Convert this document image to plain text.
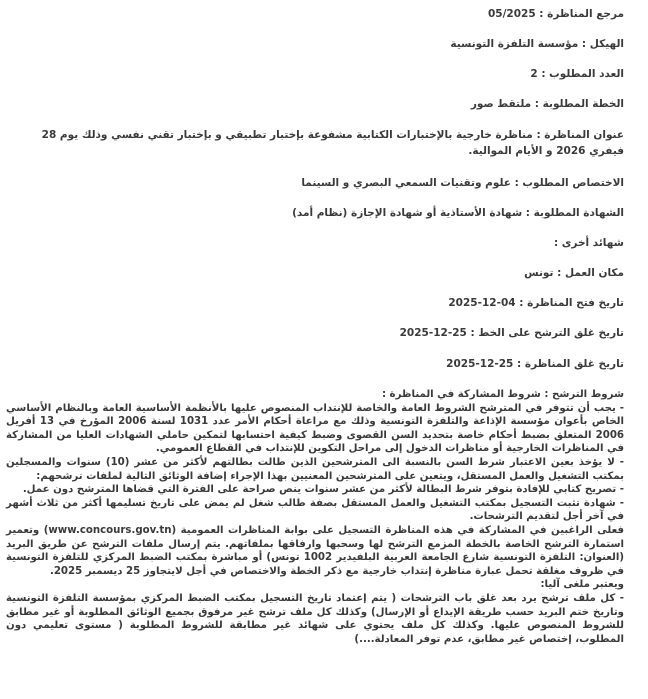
مرجع المناظرة : 05/2025

الهيكل : مؤسسة التلفزة التونسية

العدد المطلوب : 2

الخطة المطلوبة : ملتقط صور

عنوان المناظرة : مناظرة خارجية بالإختبارات الكتابية مشفوعة بإختبار تطبيقي و بإختبار تقني نفسي وذلك يوم 28 فيفري 2026 و الأيام الموالية.

الاختصاص المطلوب : علوم وتقنيات السمعي البصري و السينما

الشهادة المطلوبة : شهادة الأستاذية أو شهادة الإجازة (نظام أمد)

شهائد أخرى :

مكان العمل : تونس

تاريخ فتح المناظرة : 04-12-2025

تاريخ غلق الترشح على الخط : 25-12-2025

تاريخ غلق المناظرة : 25-12-2025

شروط الترشح : شروط المشاركة في المناظرة :

- يجب أن تتوفر في المترشح الشروط العامة والخاصة للإنتداب المنصوص عليها بالأنظمة الأساسية العامة وبالنظام الأساسي الخاص بأعوان مؤسسة الإذاعة والتلفزة التونسية وذلك مع مراعاة أحكام الأمر عدد 1031 لسنة 2006 المؤرخ في 13 أفريل 2006 المتعلق بضبط أحكام خاصة بتحديد السن القصوى وضبط كيفية احتسابها لتمكين حاملي الشهادات العليا من المشاركة في المناظرات الخارجية أو مناظرات الدخول إلى مراحل التكوين للإنتداب في القطاع العمومي.

- لا يؤخذ بعين الاعتبار شرط السن بالنسبة الى المترشحين الذين طالت بطالتهم لأكثر من عشر (10) سنوات والمسجلين بمكتب التشغيل والعمل المستقل، ويتعين على المترشحين المعنيين بهذا الإجراء إضافة الوثائق التالية لملفات ترشحهم:

- تصريح كتابي للإفادة بتوفر شرط البطالة لأكثر من عشر سنوات ينص صراحة على الفترة التي قضاها المترشح دون عمل.

- شهادة تثبت التسجيل بمكتب التشغيل والعمل المستقل بصفة طالب شغل لم يمض على تاريخ تسليمها أكثر من ثلاث أشهر في آخر أجل لتقديم الترشحات.

فعلى الراغبين في المشاركة في هذه المناظرة التسجيل على بوابة المناظرات العمومية (www.concours.gov.tn) وتعمير استمارة الترشح الخاصة بالخطة المزمع الترشح لها وسحبها وارفاقها بملفاتهم. يتم إرسال ملفات الترشح عن طريق البريد (العنوان: التلفزة التونسية شارع الجامعة العربية البلفيدير 1002 تونس) أو مباشرة بمكتب الضبط المركزي للتلفزة التونسية في ظروف مغلقة تحمل عبارة مناظرة إنتداب خارجية مع ذكر الخطة والاختصاص في أجل لايتجاوز 25 ديسمبر 2025.

ويعتبر ملغى آليا:

- كل ملف ترشح يرد بعد غلق باب الترشحات ( يتم إعتماد تاريخ التسجيل بمكتب الضبط المركزي بمؤسسة التلفزة التونسية وتاريخ ختم البريد حسب طريقة الإيداع أو الإرسال) وكذلك كل ملف ترشح غير مرفوق بجميع الوثائق المطلوبة أو غير مطابق للشروط المنصوص عليها. وكذلك كل ملف يحتوي على شهائد غير مطابقة للشروط المطلوبة ( مستوى تعليمي دون المطلوب، إختصاص غير مطابق، عدم توفر المعادلة....)
